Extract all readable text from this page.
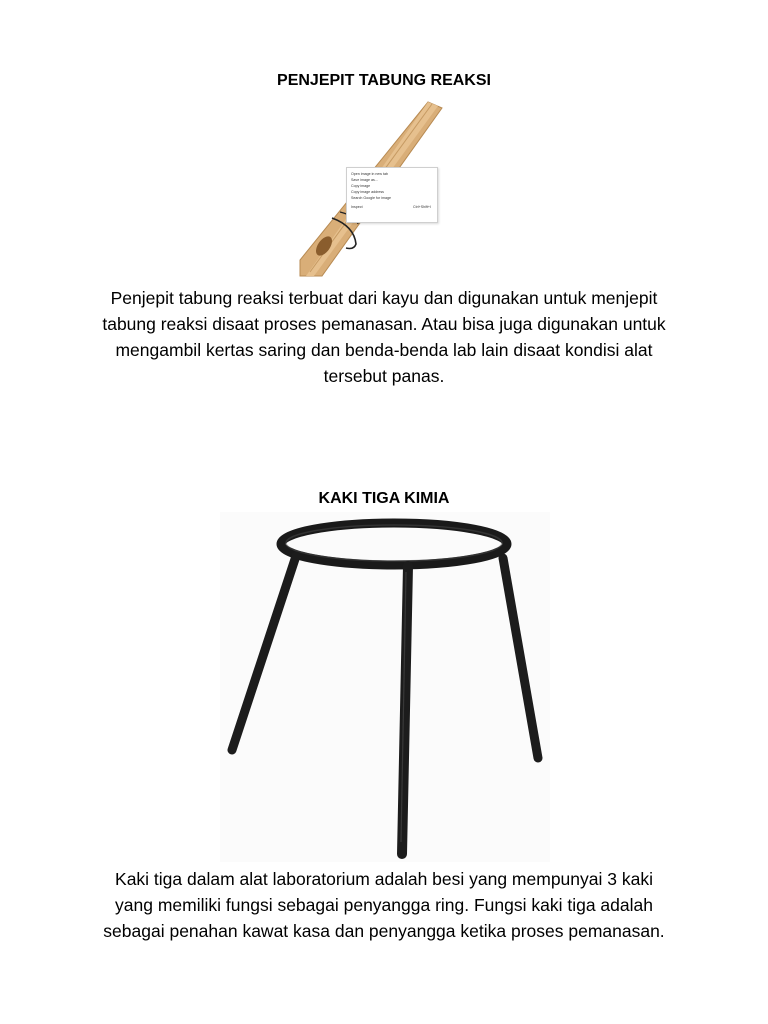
PENJEPIT TABUNG REAKSI
Open image in new tab
Save image as...
Copy image
Copy image address
Search Google for image
Inspect	Ctrl+Shift+I

Penjepit tabung reaksi terbuat dari kayu dan digunakan untuk menjepit
tabung reaksi disaat proses pemanasan. Atau bisa juga digunakan untuk
mengambil kertas saring dan benda-benda lab lain disaat kondisi alat
tersebut panas.

KAKI TIGA KIMIA

Kaki tiga dalam alat laboratorium adalah besi yang mempunyai 3 kaki
yang memiliki fungsi sebagai penyangga ring. Fungsi kaki tiga adalah
sebagai penahan kawat kasa dan penyangga ketika proses pemanasan.
